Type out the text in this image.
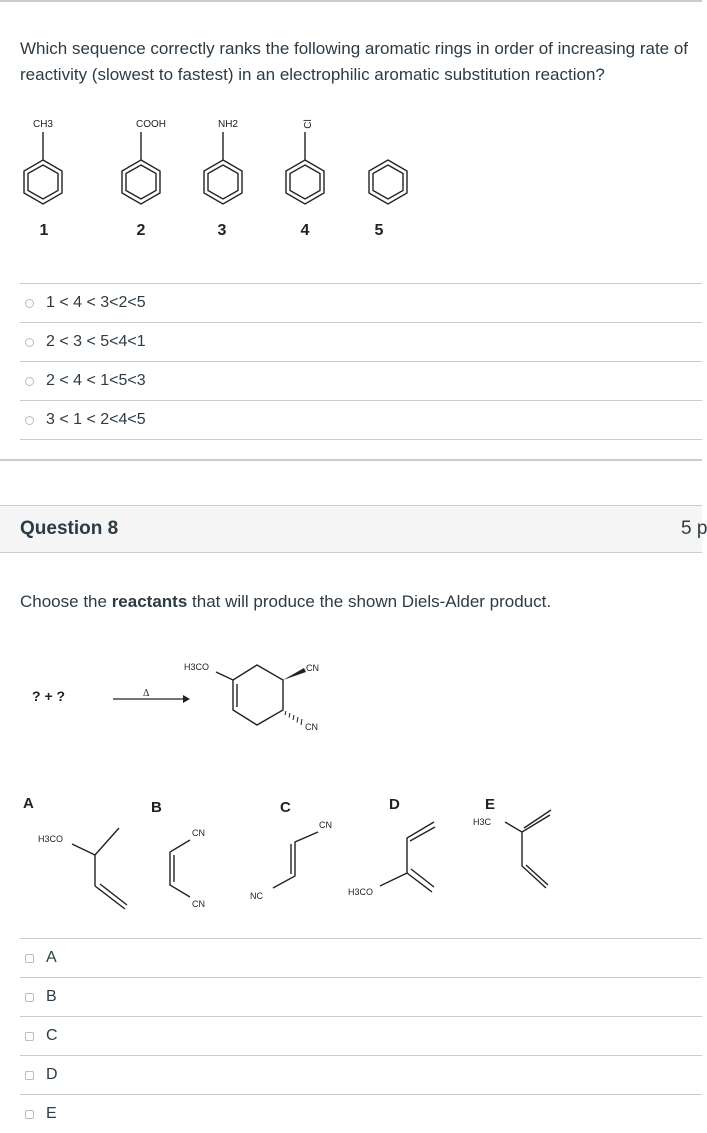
Which sequence correctly ranks the following aromatic rings in order of increasing rate of reactivity (slowest to fastest) in an electrophilic aromatic substitution reaction?
CH3	COOH	NH2	Cl
1	2	3	4	5
1 < 4 < 3<2<5
2 < 3 < 5<4<1
2 < 4 < 1<5<3
3 < 1 < 2<4<5
Question 8	5 p
Choose the reactants that will produce the shown Diels-Alder product.
? + ?	Δ
H3CO	CN
CN
A	B	C	D	E
H3CO
CN
CN
CN
NC	H3CO
H3C
A
B
C
D
E
